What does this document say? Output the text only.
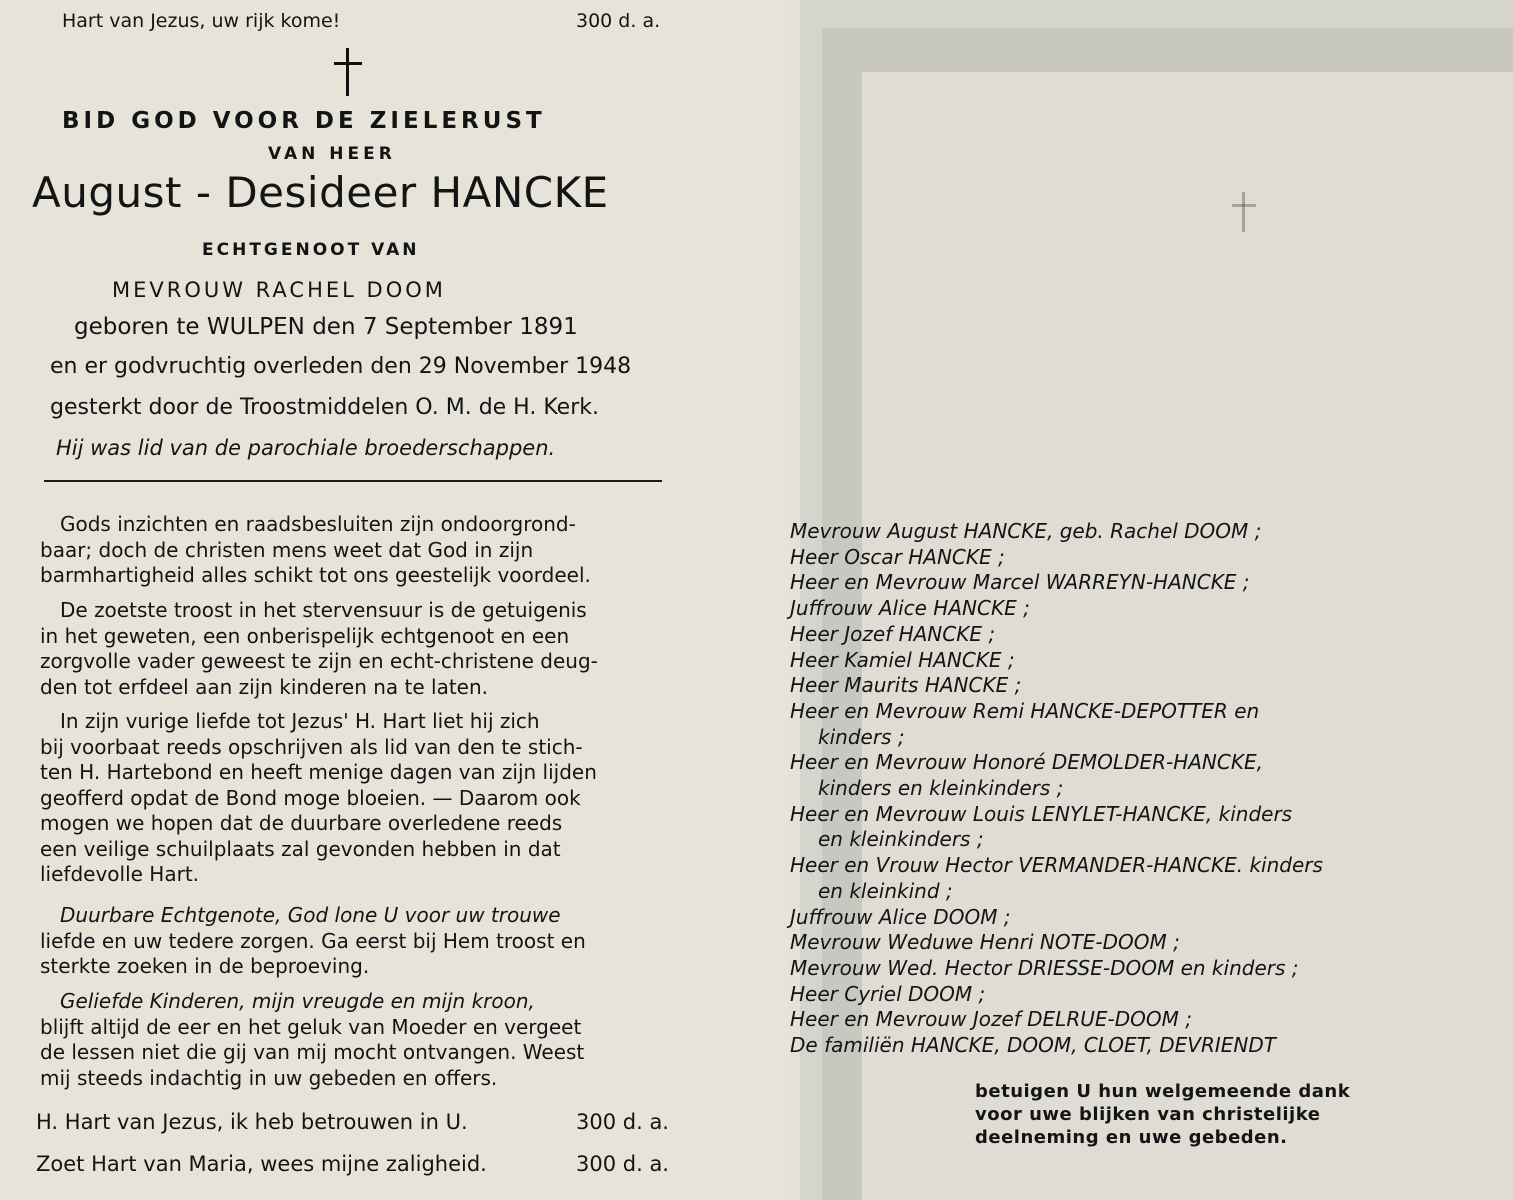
Hart van Jezus, uw rijk kome!	300 d. a.
BID GOD VOOR DE ZIELERUST
VAN HEER
August - Desideer HANCKE
ECHTGENOOT VAN
MEVROUW RACHEL DOOM
geboren te WULPEN den 7 September 1891
en er godvruchtig overleden den 29 November 1948
gesterkt door de Troostmiddelen O. M. de H. Kerk.
Hij was lid van de parochiale broederschappen.
Gods inzichten en raadsbesluiten zijn ondoorgrond-
baar; doch de christen mens weet dat God in zijn
barmhartigheid alles schikt tot ons geestelijk voordeel.
De zoetste troost in het stervensuur is de getuigenis
in het geweten, een onberispelijk echtgenoot en een
zorgvolle vader geweest te zijn en echt-christene deug-
den tot erfdeel aan zijn kinderen na te laten.
In zijn vurige liefde tot Jezus' H. Hart liet hij zich
bij voorbaat reeds opschrijven als lid van den te stich-
ten H. Hartebond en heeft menige dagen van zijn lijden
geofferd opdat de Bond moge bloeien. — Daarom ook
mogen we hopen dat de duurbare overledene reeds
een veilige schuilplaats zal gevonden hebben in dat
liefdevolle Hart.
Duurbare Echtgenote, God lone U voor uw trouwe
liefde en uw tedere zorgen. Ga eerst bij Hem troost en
sterkte zoeken in de beproeving.
Geliefde Kinderen, mijn vreugde en mijn kroon,
blijft altijd de eer en het geluk van Moeder en vergeet
de lessen niet die gij van mij mocht ontvangen. Weest
mij steeds indachtig in uw gebeden en offers.
H. Hart van Jezus, ik heb betrouwen in U.	300 d. a.
Zoet Hart van Maria, wees mijne zaligheid.	300 d. a.
Mevrouw August HANCKE, geb. Rachel DOOM ;
Heer Oscar HANCKE ;
Heer en Mevrouw Marcel WARREYN-HANCKE ;
Juffrouw Alice HANCKE ;
Heer Jozef HANCKE ;
Heer Kamiel HANCKE ;
Heer Maurits HANCKE ;
Heer en Mevrouw Remi HANCKE-DEPOTTER en
kinders ;
Heer en Mevrouw Honoré DEMOLDER-HANCKE,
kinders en kleinkinders ;
Heer en Mevrouw Louis LENYLET-HANCKE, kinders
en kleinkinders ;
Heer en Vrouw Hector VERMANDER-HANCKE. kinders
en kleinkind ;
Juffrouw Alice DOOM ;
Mevrouw Weduwe Henri NOTE-DOOM ;
Mevrouw Wed. Hector DRIESSE-DOOM en kinders ;
Heer Cyriel DOOM ;
Heer en Mevrouw Jozef DELRUE-DOOM ;
De familiën HANCKE, DOOM, CLOET, DEVRIENDT
betuigen U hun welgemeende dank
voor uwe blijken van christelijke
deelneming en uwe gebeden.
